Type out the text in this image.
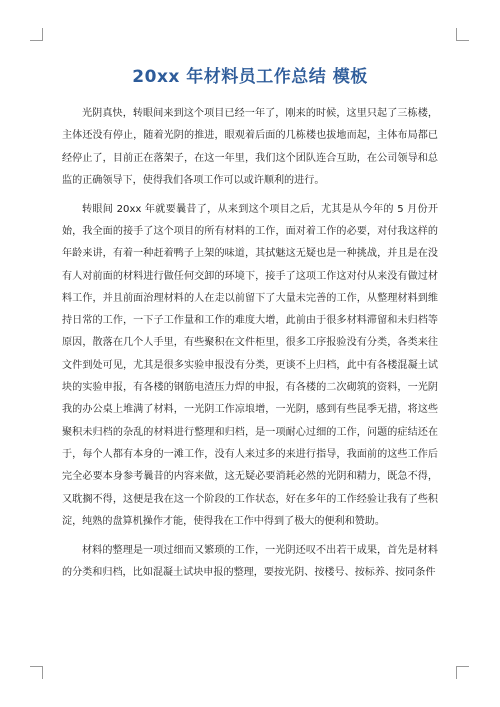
20xx 年材料员工作总结 模板

光阴真快，转眼间来到这个项目已经一年了，刚来的时候，这里只起了三栋楼，主体还没有停止，随着光阴的推进，眼观着后面的几栋楼也拔地而起，主体布局都已经停止了，目前正在落架子，在这一年里，我们这个团队连合互助，在公司领导和总监的正确领导下，使得我们各项工作可以或许顺利的进行。

转眼间 20xx 年就要曩昔了，从来到这个项目之后，尤其是从今年的 5 月份开始，我全面的接手了这个项目的所有材料的工作，面对着工作的必要，对付我这样的年龄来讲，有着一种赶着鸭子上架的味道，其拭魅这无疑也是一种挑战，并且是在没有人对前面的材料进行做任何交卸的环境下，接手了这项工作这对付从来没有做过材料工作，并且前面治理材料的人在走以前留下了大量未完善的工作，从整理材料到维持日常的工作，一下子工作量和工作的难度大增，此前由于很多材料滞留和未归档等原因，散落在几个人手里，有些聚积在文件柜里，很多工序报验没有分类，各类来往文件到处可见，尤其是很多实验申报没有分类，更谈不上归档，此中有各楼混凝土试块的实验申报，有各楼的钢筋电渣压力焊的申报，有各楼的二次砌筑的资料，一光阴我的办公桌上堆满了材料，一光阴工作凉埌增，一光阴，感到有些昆季无措，将这些聚积未归档的杂乱的材料进行整理和归档，是一项耐心过细的工作，问题的症结还在于，每个人都有本身的一滩工作，没有人来过多的来进行指导，我面前的这些工作后完全必要本身参考曩昔的内容来做，这无疑必要消耗必然的光阴和精力，既急不得，又耽搁不得，这便是我在这一个阶段的工作状态，好在多年的工作经验让我有了些积淀，纯熟的盘算机操作才能，使得我在工作中得到了极大的便利和赞助。

材料的整理是一项过细而又繁琐的工作，一光阴还叹不出若干成果，首先是材料的分类和归档，比如混凝土试块申报的整理，要按光阴、按楼号、按标养、按同条件
